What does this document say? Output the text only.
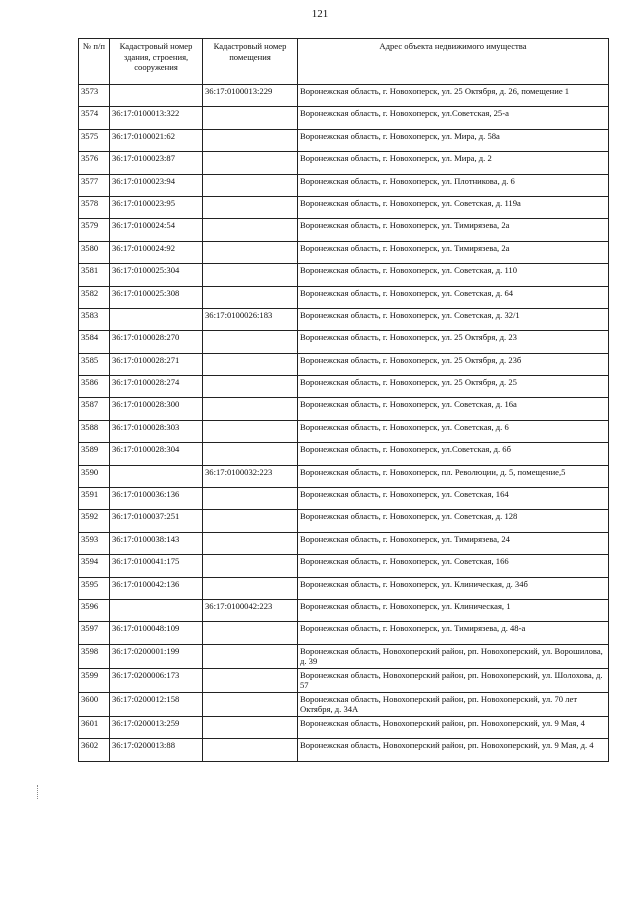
121
№ п/п	Кадастровый номер здания, строения, сооружения	Кадастровый номер помещения	Адрес объекта недвижимого имущества
3573		36:17:0100013:229	Воронежская область, г. Новохоперск, ул. 25 Октября, д. 26, помещение 1
3574	36:17:0100013:322		Воронежская область, г. Новохоперск, ул.Советская, 25-а
3575	36:17:0100021:62		Воронежская область, г. Новохоперск, ул. Мира, д. 58а
3576	36:17:0100023:87		Воронежская область, г. Новохоперск, ул. Мира, д. 2
3577	36:17:0100023:94		Воронежская область, г. Новохоперск, ул. Плотникова, д. 6
3578	36:17:0100023:95		Воронежская область, г. Новохоперск, ул. Советская, д. 119а
3579	36:17:0100024:54		Воронежская область, г. Новохоперск, ул. Тимирязева, 2а
3580	36:17:0100024:92		Воронежская область, г. Новохоперск, ул. Тимирязева, 2а
3581	36:17:0100025:304		Воронежская область, г. Новохоперск, ул. Советская, д. 110
3582	36:17:0100025:308		Воронежская область, г. Новохоперск, ул. Советская, д. 64
3583		36:17:0100026:183	Воронежская область, г. Новохоперск, ул. Советская, д. 32/1
3584	36:17:0100028:270		Воронежская область, г. Новохоперск, ул. 25 Октября, д. 23
3585	36:17:0100028:271		Воронежская область, г. Новохоперск, ул. 25 Октября, д. 23б
3586	36:17:0100028:274		Воронежская область, г. Новохоперск, ул. 25 Октября, д. 25
3587	36:17:0100028:300		Воронежская область, г. Новохоперск, ул. Советская, д. 16а
3588	36:17:0100028:303		Воронежская область, г. Новохоперск, ул. Советская, д. 6
3589	36:17:0100028:304		Воронежская область, г. Новохоперск, ул.Советская, д. 6б
3590		36:17:0100032:223	Воронежская область, г. Новохоперск, пл. Революции, д. 5, помещение,5
3591	36:17:0100036:136		Воронежская область, г. Новохоперск, ул. Советская, 164
3592	36:17:0100037:251		Воронежская область, г. Новохоперск, ул. Советская, д. 128
3593	36:17:0100038:143		Воронежская область, г. Новохоперск, ул. Тимирязева, 24
3594	36:17:0100041:175		Воронежская область, г. Новохоперск, ул. Советская, 166
3595	36:17:0100042:136		Воронежская область, г. Новохоперск, ул. Клиническая, д. 34б
3596		36:17:0100042:223	Воронежская область, г. Новохоперск, ул. Клиническая, 1
3597	36:17:0100048:109		Воронежская область, г. Новохоперск, ул. Тимирязева, д. 48-а
3598	36:17:0200001:199		Воронежская область, Новохоперский район, рп. Новохоперский, ул. Ворошилова, д. 39
3599	36:17:0200006:173		Воронежская область, Новохоперский район, рп. Новохоперский, ул. Шолохова, д. 57
3600	36:17:0200012:158		Воронежская область, Новохоперский район, рп. Новохоперский, ул. 70 лет Октября, д. 34А
3601	36:17:0200013:259		Воронежская область, Новохоперский район, рп. Новохоперский, ул. 9 Мая, 4
3602	36:17:0200013:88		Воронежская область, Новохоперский район, рп. Новохоперский, ул. 9 Мая, д. 4
